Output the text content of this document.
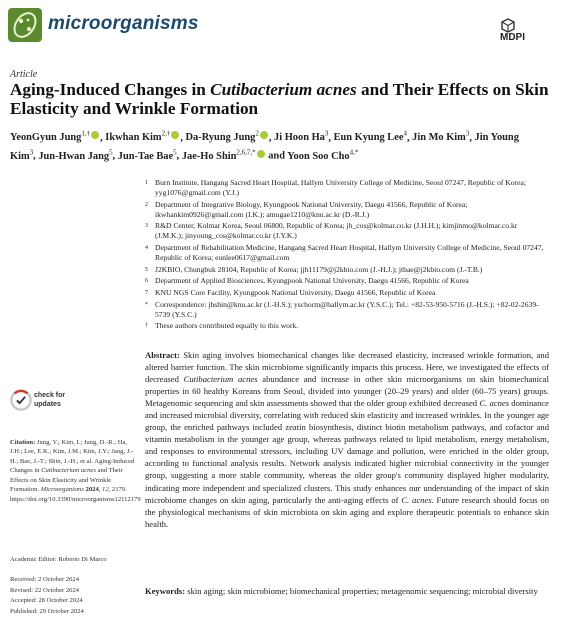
microorganisms
MDPI
Article
Aging-Induced Changes in Cutibacterium acnes and Their Effects on Skin Elasticity and Wrinkle Formation
YeonGyun Jung$^{1,\dagger}$ , Ikwhan Kim$^{2,\dagger}$ , Da-Ryung Jung$^2$ , Ji Hoon Ha$^3$, Eun Kyung Lee$^4$, Jin Mo Kim$^3$, Jin Young Kim$^3$, Jun-Hwan Jang$^5$, Jun-Tae Bae$^5$, Jae-Ho Shin$^{2,6,7,*}$ and Yoon Soo Cho$^{4,*}$
1 Burn Institute, Hangang Sacred Heart Hospital, Hallym University College of Medicine, Seoul 07247, Republic of Korea; yyg1076@gmail.com (Y.J.)
2 Department of Integrative Biology, Kyungpook National University, Daegu 41566, Republic of Korea; ikwhankim0926@gmail.com (I.K.); amugae1210@knu.ac.kr (D.-R.J.)
3 R&D Center, Kolmar Korea, Seoul 06800, Republic of Korea; jh_cos@kolmar.co.kr (J.H.H.); kimjinmo@kolmar.co.kr (J.M.K.); jinyoung_cos@kolmar.co.kr (J.Y.K.)
4 Department of Rehabilitation Medicine, Hangang Sacred Heart Hospital, Hallym University College of Medicine, Seoul 07247, Republic of Korea; eunlee0617@gmail.com
5 J2KBIO, Chungbuk 28104, Republic of Korea; jjh11179@j2kbio.com (J.-H.J.); jtbae@j2kbio.com (J.-T.B.)
6 Department of Applied Biosciences, Kyungpook National University, Daegu 41566, Republic of Korea
7 KNU NGS Core Facility, Kyungpook National University, Daegu 41566, Republic of Korea
* Correspondence: jhshin@knu.ac.kr (J.-H.S.); yschorm@hallym.ac.kr (Y.S.C.); Tel.: +82-53-950-5716 (J.-H.S.); +82-02-2639-5739 (Y.S.C.)
† These authors contributed equally to this work.
check for
updates
Citation: Jung, Y.; Kim, I.; Jung, D.-R.; Ha, J.H.; Lee, E.K.; Kim, J.M.; Kim, J.Y.; Jang, J.-H.; Bae, J.-T.; Shin, J.-H.; et al. Aging-Induced Changes in Cutibacterium acnes and Their Effects on Skin Elasticity and Wrinkle Formation. Microorganisms 2024, 12, 2179. https://doi.org/10.3390/microorganisms12112179
Academic Editor: Roberto Di Marco
Received: 2 October 2024
Revised: 22 October 2024
Accepted: 28 October 2024
Published: 29 October 2024
Abstract: Skin aging involves biomechanical changes like decreased elasticity, increased wrinkle formation, and altered barrier function. The skin microbiome significantly impacts this process. Here, we investigated the effects of decreased Cutibacterium acnes abundance and increase in other skin microorganisms on skin biomechanical properties in 60 healthy Koreans from Seoul, divided into younger (20–29 years) and older (60–75 years) groups. Metagenomic sequencing and skin assessments showed that the older group exhibited decreased C. acnes dominance and increased microbial diversity, correlating with reduced skin elasticity and increased wrinkles. In the younger age group, the enriched pathways included zeatin biosynthesis, distinct biotin metabolism pathways, and cofactor and vitamin metabolism in the younger age group, whereas pathways related to lipid metabolism, energy metabolism, and responses to environmental stressors, including UV damage and pollution, were enriched in the older group, according to functional analysis results. Network analysis indicated higher microbial connectivity in the younger group, suggesting a more stable community, whereas the older group's community displayed higher modularity, indicating more independent and specialized clusters. This study enhances our understanding of the impact of skin microbiome changes on skin aging, particularly the anti-aging effects of C. acnes. Future research should focus on the physiological mechanisms of skin microbiota on skin aging and explore therapeutic potentials to enhance skin health.
Keywords: skin aging; skin microbiome; biomechanical properties; metagenomic sequencing; microbial diversity
